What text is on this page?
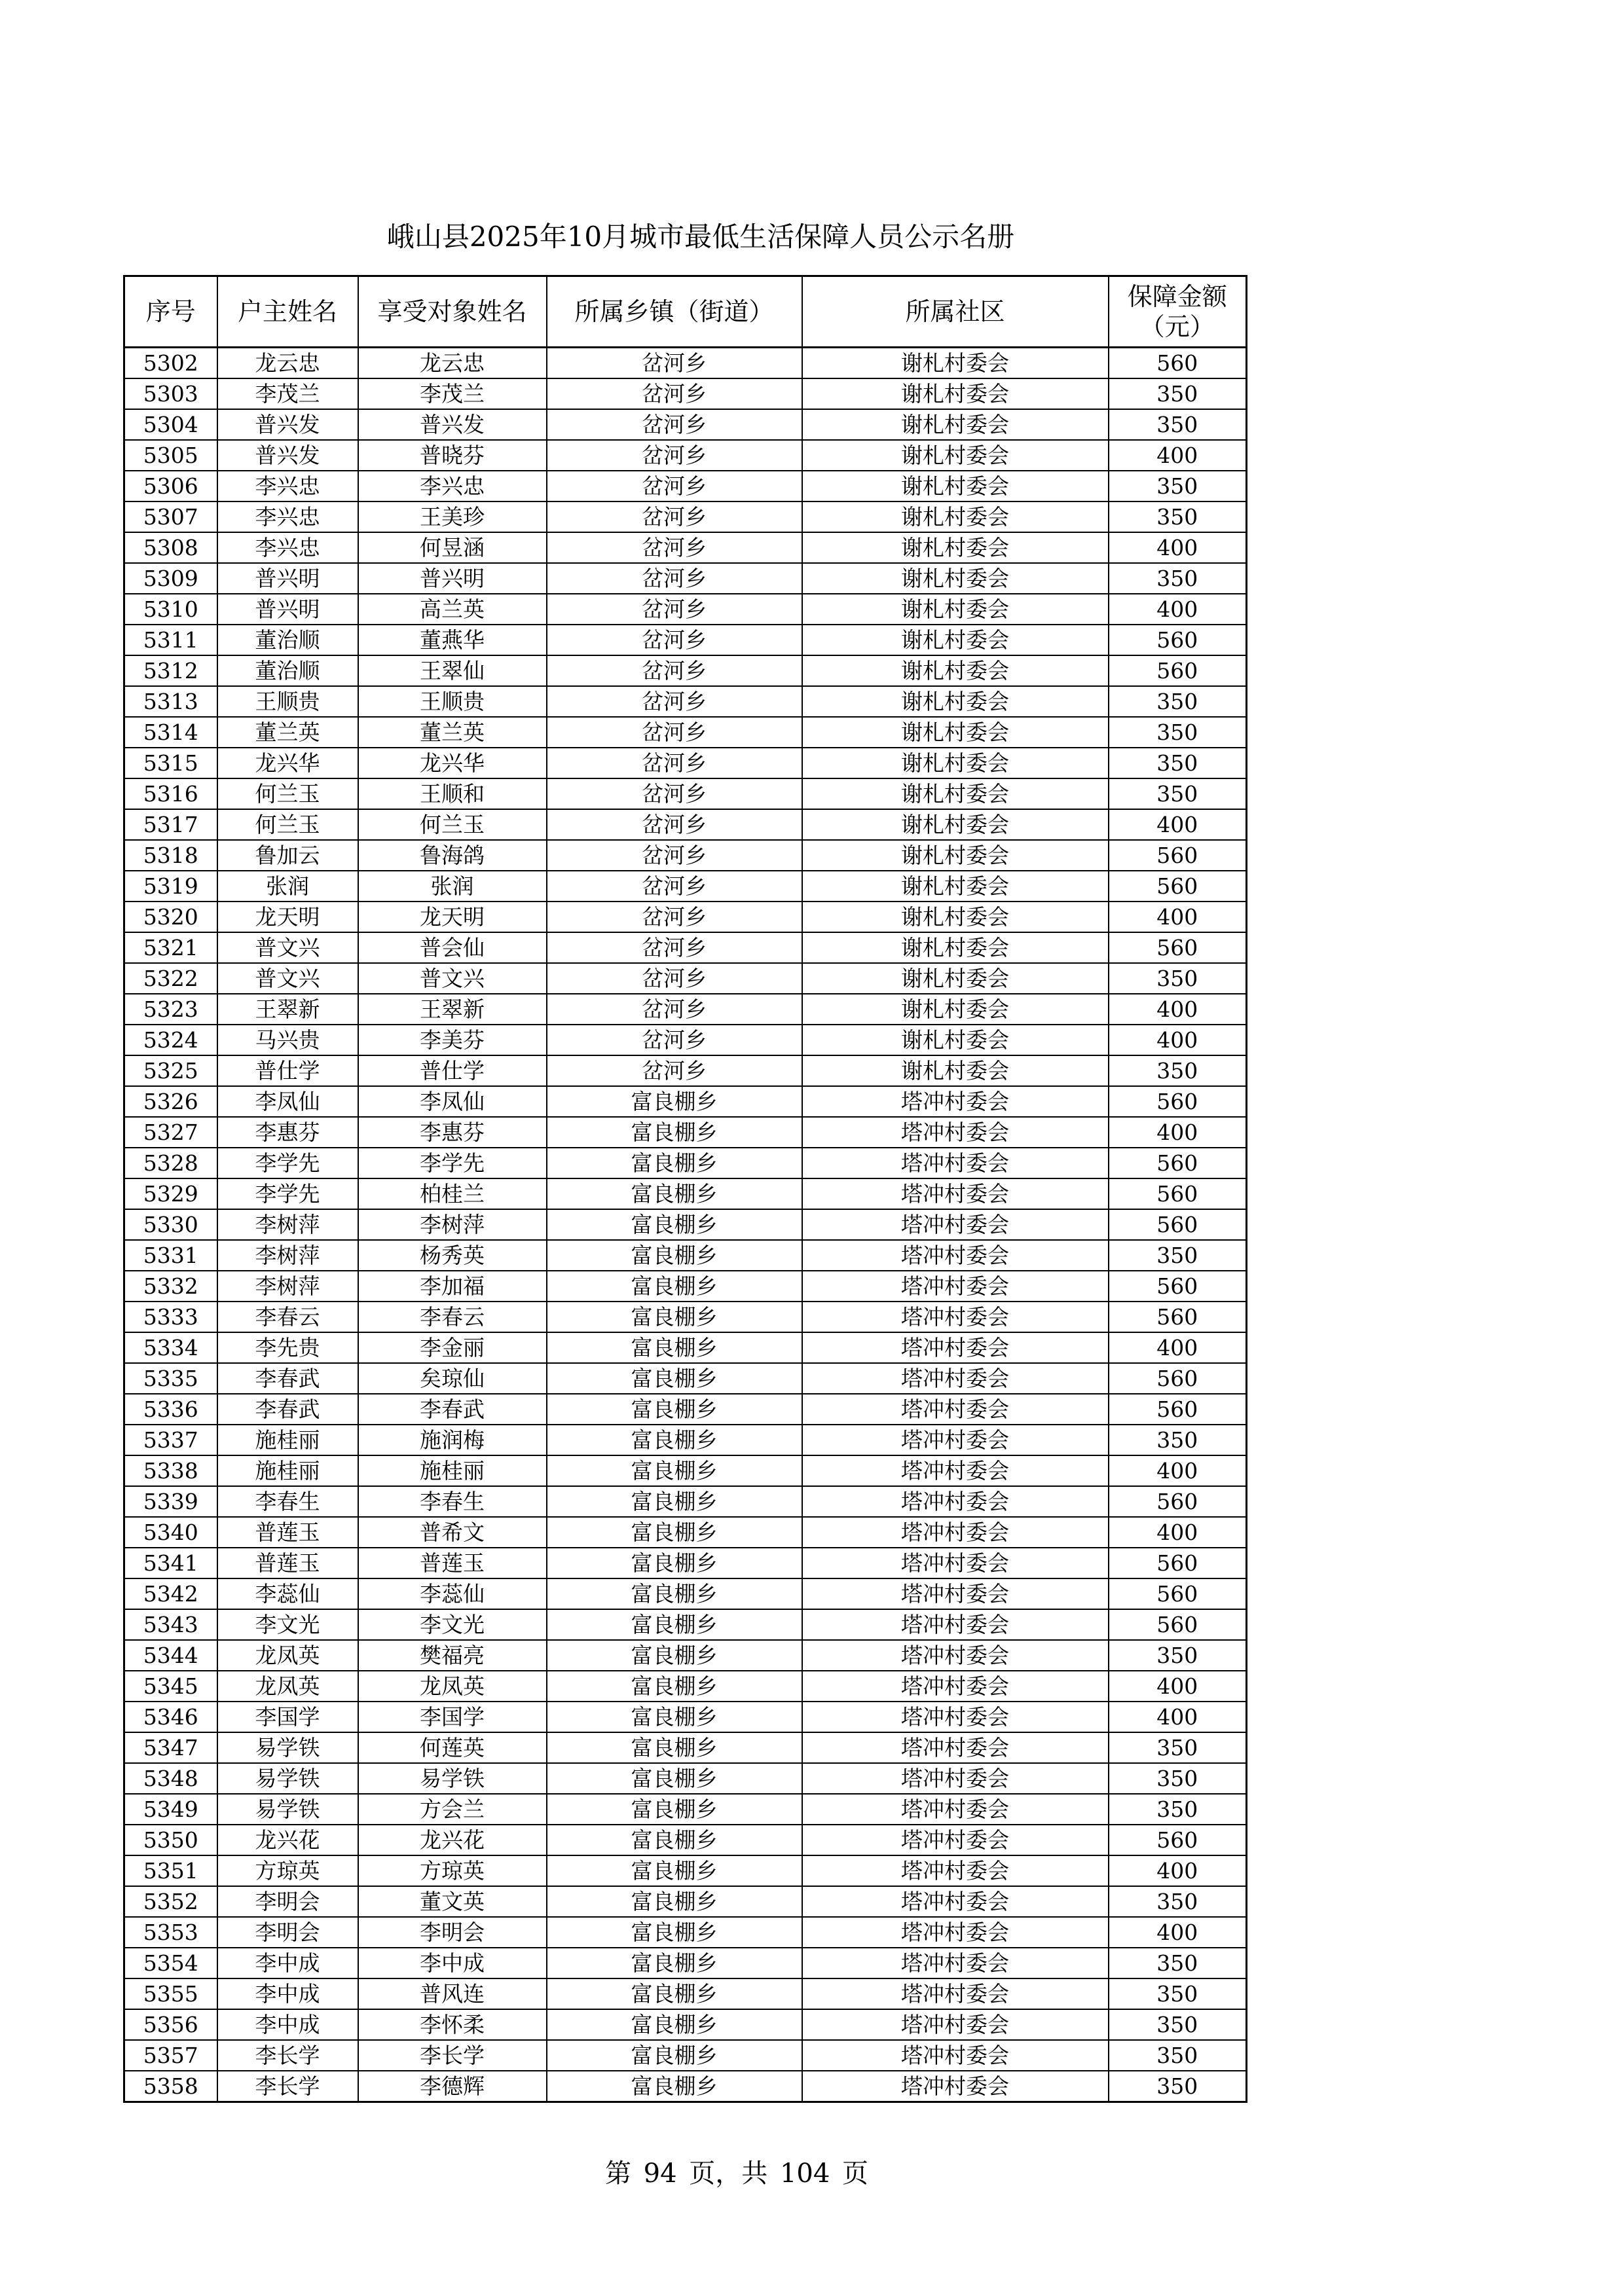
峨山县2025年10月城市最低生活保障人员公示名册
序号	户主姓名	享受对象姓名	所属乡镇（街道）	所属社区	保障金额
（元）

5302	龙云忠	龙云忠	岔河乡	谢札村委会	560
5303	李茂兰	李茂兰	岔河乡	谢札村委会	350
5304	普兴发	普兴发	岔河乡	谢札村委会	350
5305	普兴发	普晓芬	岔河乡	谢札村委会	400
5306	李兴忠	李兴忠	岔河乡	谢札村委会	350
5307	李兴忠	王美珍	岔河乡	谢札村委会	350
5308	李兴忠	何昱涵	岔河乡	谢札村委会	400
5309	普兴明	普兴明	岔河乡	谢札村委会	350
5310	普兴明	高兰英	岔河乡	谢札村委会	400
5311	董治顺	董燕华	岔河乡	谢札村委会	560
5312	董治顺	王翠仙	岔河乡	谢札村委会	560
5313	王顺贵	王顺贵	岔河乡	谢札村委会	350
5314	董兰英	董兰英	岔河乡	谢札村委会	350
5315	龙兴华	龙兴华	岔河乡	谢札村委会	350
5316	何兰玉	王顺和	岔河乡	谢札村委会	350
5317	何兰玉	何兰玉	岔河乡	谢札村委会	400
5318	鲁加云	鲁海鸽	岔河乡	谢札村委会	560
5319	张润	张润	岔河乡	谢札村委会	560
5320	龙天明	龙天明	岔河乡	谢札村委会	400
5321	普文兴	普会仙	岔河乡	谢札村委会	560
5322	普文兴	普文兴	岔河乡	谢札村委会	350
5323	王翠新	王翠新	岔河乡	谢札村委会	400
5324	马兴贵	李美芬	岔河乡	谢札村委会	400
5325	普仕学	普仕学	岔河乡	谢札村委会	350
5326	李凤仙	李凤仙	富良棚乡	塔冲村委会	560
5327	李惠芬	李惠芬	富良棚乡	塔冲村委会	400
5328	李学先	李学先	富良棚乡	塔冲村委会	560
5329	李学先	柏桂兰	富良棚乡	塔冲村委会	560
5330	李树萍	李树萍	富良棚乡	塔冲村委会	560
5331	李树萍	杨秀英	富良棚乡	塔冲村委会	350
5332	李树萍	李加福	富良棚乡	塔冲村委会	560
5333	李春云	李春云	富良棚乡	塔冲村委会	560
5334	李先贵	李金丽	富良棚乡	塔冲村委会	400
5335	李春武	矣琼仙	富良棚乡	塔冲村委会	560
5336	李春武	李春武	富良棚乡	塔冲村委会	560
5337	施桂丽	施润梅	富良棚乡	塔冲村委会	350
5338	施桂丽	施桂丽	富良棚乡	塔冲村委会	400
5339	李春生	李春生	富良棚乡	塔冲村委会	560
5340	普莲玉	普希文	富良棚乡	塔冲村委会	400
5341	普莲玉	普莲玉	富良棚乡	塔冲村委会	560
5342	李蕊仙	李蕊仙	富良棚乡	塔冲村委会	560
5343	李文光	李文光	富良棚乡	塔冲村委会	560
5344	龙凤英	樊福亮	富良棚乡	塔冲村委会	350
5345	龙凤英	龙凤英	富良棚乡	塔冲村委会	400
5346	李国学	李国学	富良棚乡	塔冲村委会	400
5347	易学铁	何莲英	富良棚乡	塔冲村委会	350
5348	易学铁	易学铁	富良棚乡	塔冲村委会	350
5349	易学铁	方会兰	富良棚乡	塔冲村委会	350
5350	龙兴花	龙兴花	富良棚乡	塔冲村委会	560
5351	方琼英	方琼英	富良棚乡	塔冲村委会	400
5352	李明会	董文英	富良棚乡	塔冲村委会	350
5353	李明会	李明会	富良棚乡	塔冲村委会	400
5354	李中成	李中成	富良棚乡	塔冲村委会	350
5355	李中成	普风连	富良棚乡	塔冲村委会	350
5356	李中成	李怀柔	富良棚乡	塔冲村委会	350
5357	李长学	李长学	富良棚乡	塔冲村委会	350
5358	李长学	李德辉	富良棚乡	塔冲村委会	350
第 94 页，共 104 页
